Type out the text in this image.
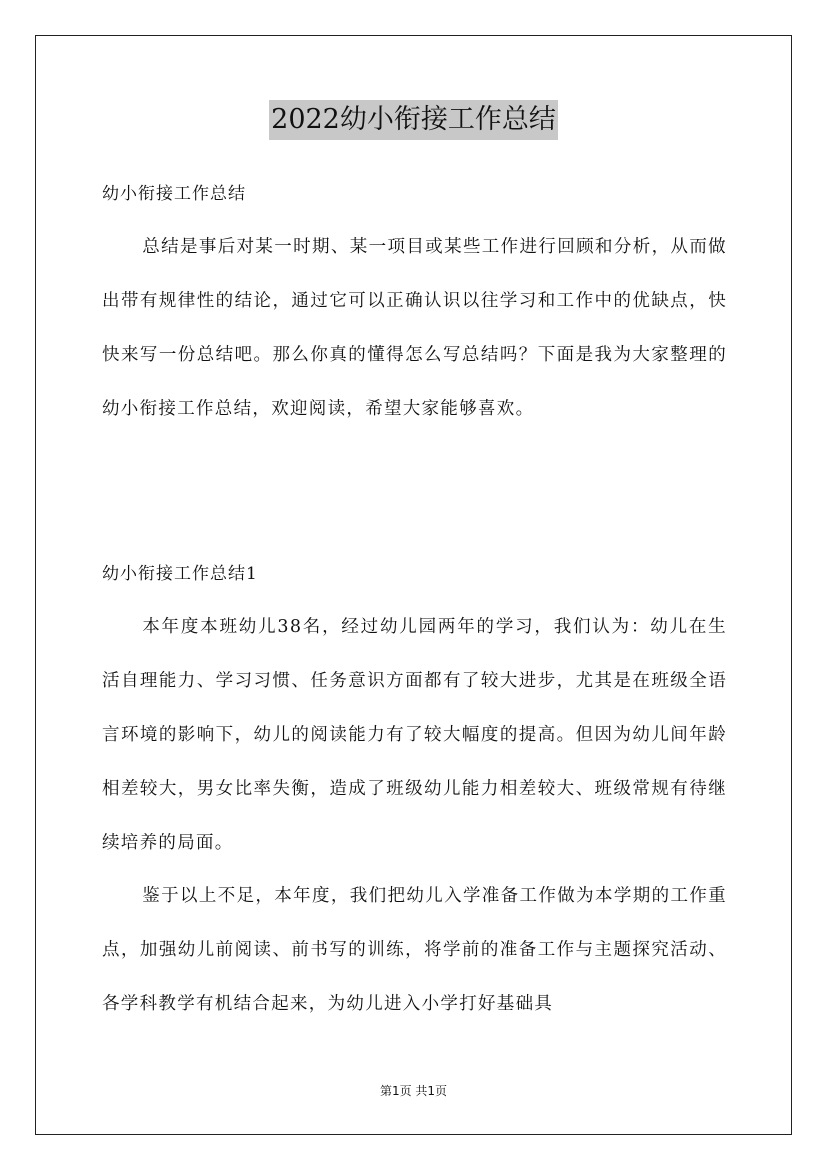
2022幼小衔接工作总结
幼小衔接工作总结

总结是事后对某一时期、某一项目或某些工作进行回顾和分析，从而做出带有规律性的结论，通过它可以正确认识以往学习和工作中的优缺点，快快来写一份总结吧。那么你真的懂得怎么写总结吗？下面是我为大家整理的幼小衔接工作总结，欢迎阅读，希望大家能够喜欢。

幼小衔接工作总结1

本年度本班幼儿38名，经过幼儿园两年的学习，我们认为：幼儿在生活自理能力、学习习惯、任务意识方面都有了较大进步，尤其是在班级全语言环境的影响下，幼儿的阅读能力有了较大幅度的提高。但因为幼儿间年龄相差较大，男女比率失衡，造成了班级幼儿能力相差较大、班级常规有待继续培养的局面。

鉴于以上不足，本年度，我们把幼儿入学准备工作做为本学期的工作重点，加强幼儿前阅读、前书写的训练，将学前的准备工作与主题探究活动、各学科教学有机结合起来，为幼儿进入小学打好基础具

第1页 共1页
